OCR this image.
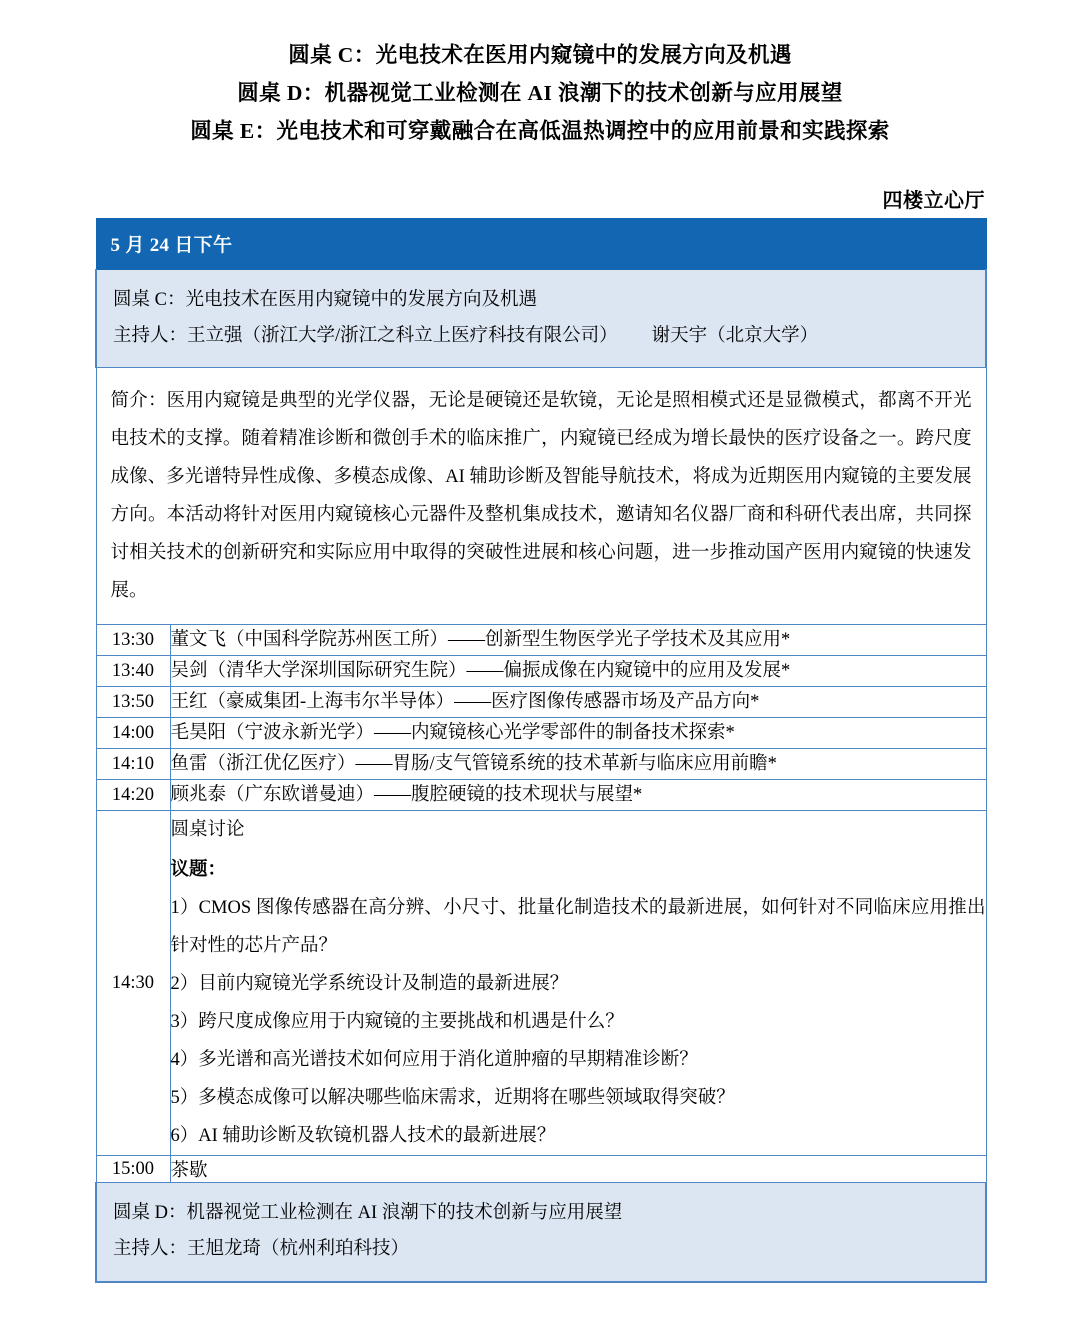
圆桌 C：光电技术在医用内窥镜中的发展方向及机遇
圆桌 D：机器视觉工业检测在 AI 浪潮下的技术创新与应用展望
圆桌 E：光电技术和可穿戴融合在高低温热调控中的应用前景和实践探索
四楼立心厅
5 月 24 日下午	

圆桌 C：光电技术在医用内窥镜中的发展方向及机遇
主持人：王立强（浙江大学/浙江之科立上医疗科技有限公司） 谢天宇（北京大学）	

简介：医用内窥镜是典型的光学仪器，无论是硬镜还是软镜，无论是照相模式还是显微模式，都离不开光电技术的支撑。随着精准诊断和微创手术的临床推广，内窥镜已经成为增长最快的医疗设备之一。跨尺度成像、多光谱特异性成像、多模态成像、AI 辅助诊断及智能导航技术，将成为近期医用内窥镜的主要发展方向。本活动将针对医用内窥镜核心元器件及整机集成技术，邀请知名仪器厂商和科研代表出席，共同探讨相关技术的创新研究和实际应用中取得的突破性进展和核心问题，进一步推动国产医用内窥镜的快速发展。	

13:30	董文飞（中国科学院苏州医工所）——创新型生物医学光子学技术及其应用*
13:40	吴剑（清华大学深圳国际研究生院）——偏振成像在内窥镜中的应用及发展*
13:50	王红（豪威集团-上海韦尔半导体）——医疗图像传感器市场及产品方向*
14:00	毛昊阳（宁波永新光学）——内窥镜核心光学零部件的制备技术探索*
14:10	鱼雷（浙江优亿医疗）——胃肠/支气管镜系统的技术革新与临床应用前瞻*
14:20	顾兆泰（广东欧谱曼迪）——腹腔硬镜的技术现状与展望*
14:30	
圆桌讨论
议题：
1）CMOS 图像传感器在高分辨、小尺寸、批量化制造技术的最新进展，如何针对不同临床应用推出针对性的芯片产品？
2）目前内窥镜光学系统设计及制造的最新进展？
3）跨尺度成像应用于内窥镜的主要挑战和机遇是什么？
4）多光谱和高光谱技术如何应用于消化道肿瘤的早期精准诊断？
5）多模态成像可以解决哪些临床需求，近期将在哪些领域取得突破？
6）AI 辅助诊断及软镜机器人技术的最新进展？

15:00	茶歇

圆桌 D：机器视觉工业检测在 AI 浪潮下的技术创新与应用展望
主持人：王旭龙琦（杭州利珀科技）	
